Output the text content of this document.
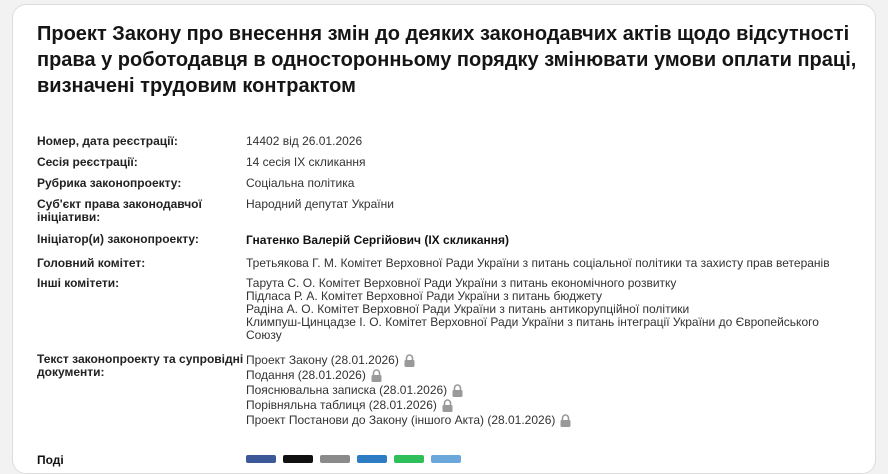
Проект Закону про внесення змін до деяких законодавчих актів щодо відсутності права у роботодавця в односторонньому порядку змінювати умови оплати праці, визначені трудовим контрактом
Номер, дата реєстрації:	14402 від 26.01.2026
Сесія реєстрації:	14 сесія IX скликання
Рубрика законопроекту:	Соціальна політика
Суб'єкт права законодавчої ініціативи:
Народний депутат України
Ініціатор(и) законопроекту:	Гнатенко Валерій Сергійович (IX скликання)
Головний комітет:	Третьякова Г. М. Комітет Верховної Ради України з питань соціальної політики та захисту прав ветеранів
Інші комітети:	Тарута С. О. Комітет Верховної Ради України з питань економічного розвитку
Підласа Р. А. Комітет Верховної Ради України з питань бюджету
Радіна А. О. Комітет Верховної Ради України з питань антикорупційної політики
Климпуш-Цинцадзе І. О. Комітет Верховної Ради України з питань інтеграції України до Європейського
Союзу
Текст законопроекту та супровідні документи:
Проект Закону (28.01.2026)
Подання (28.01.2026)
Пояснювальна записка (28.01.2026)
Порівняльна таблиця (28.01.2026)
Проект Постанови до Закону (іншого Акта) (28.01.2026)
Поді
